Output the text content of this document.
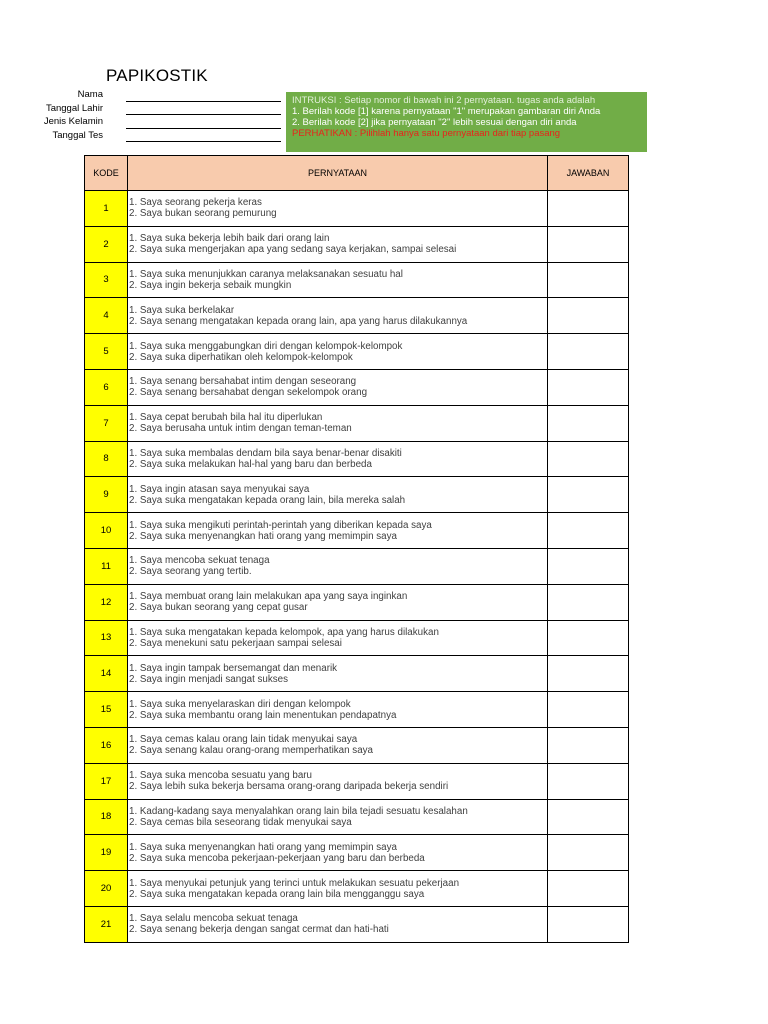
PAPIKOSTIK
Nama
Tanggal Lahir
Jenis Kelamin
Tanggal Tes
INTRUKSI : Setiap nomor di bawah ini 2 pernyataan. tugas anda adalah
1. Berilah kode [1] karena pernyataan "1" merupakan gambaran diri Anda
2. Berilah kode [2] jika pernyataan "2" lebih sesuai dengan diri anda
PERHATIKAN : Pilihlah hanya satu pernyataan dari tiap pasang
KODE	PERNYATAAN	JAWABAN
1	1. Saya seorang pekerja keras
2. Saya bukan seorang pemurung	

2	1. Saya suka bekerja lebih baik dari orang lain
2. Saya suka mengerjakan apa yang sedang saya kerjakan, sampai selesai	

3	1. Saya suka menunjukkan caranya melaksanakan sesuatu hal
2. Saya ingin bekerja sebaik mungkin	

4	1. Saya suka berkelakar
2. Saya senang mengatakan kepada orang lain, apa yang harus dilakukannya	

5	1. Saya suka menggabungkan diri dengan kelompok-kelompok
2. Saya suka diperhatikan oleh kelompok-kelompok	

6	1. Saya senang bersahabat intim dengan seseorang
2. Saya senang bersahabat dengan sekelompok orang	

7	1. Saya cepat berubah bila hal itu diperlukan
2. Saya berusaha untuk intim dengan teman-teman	

8	1. Saya suka membalas dendam bila saya benar-benar disakiti
2. Saya suka melakukan hal-hal yang baru dan berbeda	

9	1. Saya ingin atasan saya menyukai saya
2. Saya suka mengatakan kepada orang lain, bila mereka salah	

10	1. Saya suka mengikuti perintah-perintah yang diberikan kepada saya
2. Saya suka menyenangkan hati orang yang memimpin saya	

11	1. Saya mencoba sekuat tenaga
2. Saya seorang yang tertib.	

12	1. Saya membuat orang lain melakukan apa yang saya inginkan
2. Saya bukan seorang yang cepat gusar	

13	1. Saya suka mengatakan kepada kelompok, apa yang harus dilakukan
2. Saya menekuni satu pekerjaan sampai selesai	

14	1. Saya ingin tampak bersemangat dan menarik
2. Saya ingin menjadi sangat sukses	

15	1. Saya suka menyelaraskan diri dengan kelompok
2. Saya suka membantu orang lain menentukan pendapatnya	

16	1. Saya cemas kalau orang lain tidak menyukai saya
2. Saya senang kalau orang-orang memperhatikan saya	

17	1. Saya suka mencoba sesuatu yang baru
2. Saya lebih suka bekerja bersama orang-orang daripada bekerja sendiri	

18	1. Kadang-kadang saya menyalahkan orang lain bila tejadi sesuatu kesalahan
2. Saya cemas bila seseorang tidak menyukai saya	

19	1. Saya suka menyenangkan hati orang yang memimpin saya
2. Saya suka mencoba pekerjaan-pekerjaan yang baru dan berbeda	

20	1. Saya menyukai petunjuk yang terinci untuk melakukan sesuatu pekerjaan
2. Saya suka mengatakan kepada orang lain bila mengganggu saya	

21	1. Saya selalu mencoba sekuat tenaga
2. Saya senang bekerja dengan sangat cermat dan hati-hati	
